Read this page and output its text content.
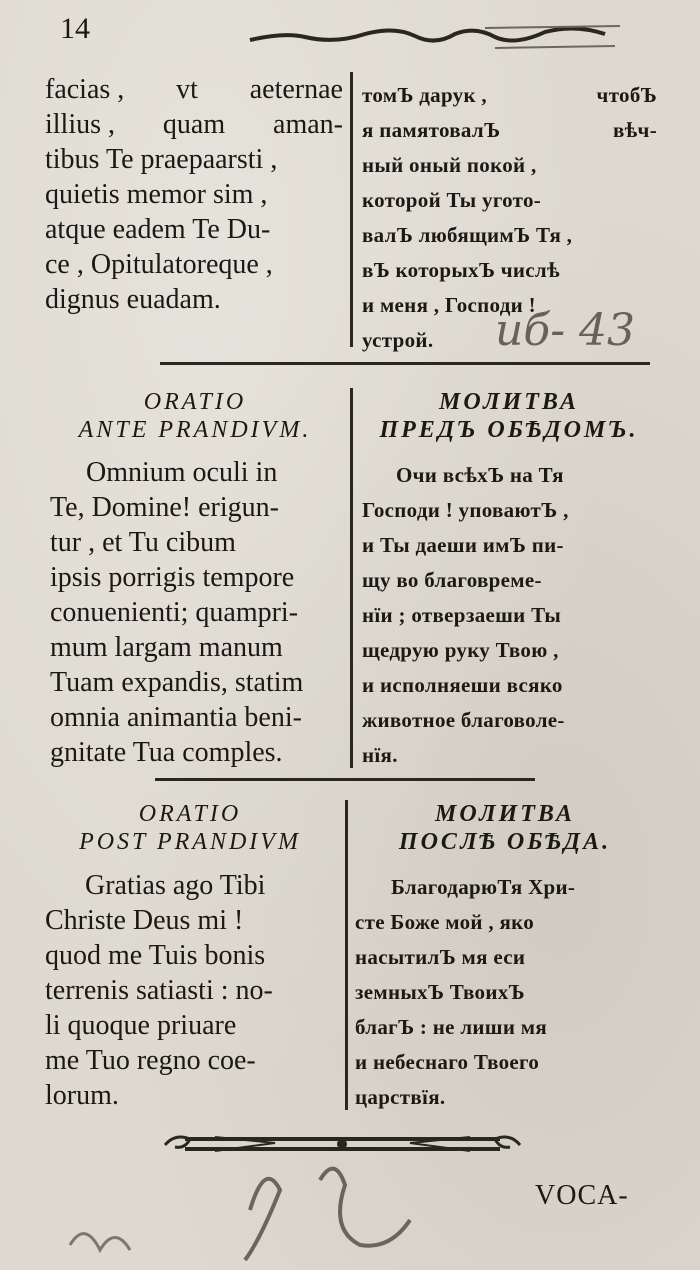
14
facias , vt aeternae
illius , quam aman-
tibus Te praepaarsti ,
quietis memor sim ,
atque eadem Te Du-
ce , Opitulatoreque ,
dignus euadam.
томЪ дарук ,	чтобЪ
я памятовалЪ	вѣч-
ный оный покой ,
которой Ты угото-
валЪ любящимЪ Тя ,
вЪ которыхЪ числѣ
и меня , Господи !
устрой. иб- 43
ORATIO
ANTE PRANDIVM.
МОЛИТВА
ПРЕДЪ ОБѢДОМЪ.
Omnium oculi in
Te, Domine! erigun-
tur , et Tu cibum
ipsis porrigis tempore
conuenienti; quampri-
mum largam manum
Tuam expandis, statim
omnia animantia beni-
gnitate Tua comples.
Очи всѣхЪ на Тя
Господи ! уповаютЪ ,
и Ты даеши имЪ пи-
щу во благовреме-
нїи ; отверзаеши Ты
щедрую руку Твою ,
и исполняеши всяко
животное благоволе-
нїя.
ORATIO
POST PRANDIVM
МОЛИТВА
ПОСЛѢ ОБѢДА.
Gratias ago Tibi
Christe Deus mi !
quod me Tuis bonis
terrenis satiasti : no-
li quoque priuare
me Tuo regno coe-
lorum.
БлагодарюТя Хри-
сте Боже мой , яко
насытилЪ мя еси
земныхЪ ТвоихЪ
благЪ : не лиши мя
и небеснаго Твоего
царствїя.
VOCA-
